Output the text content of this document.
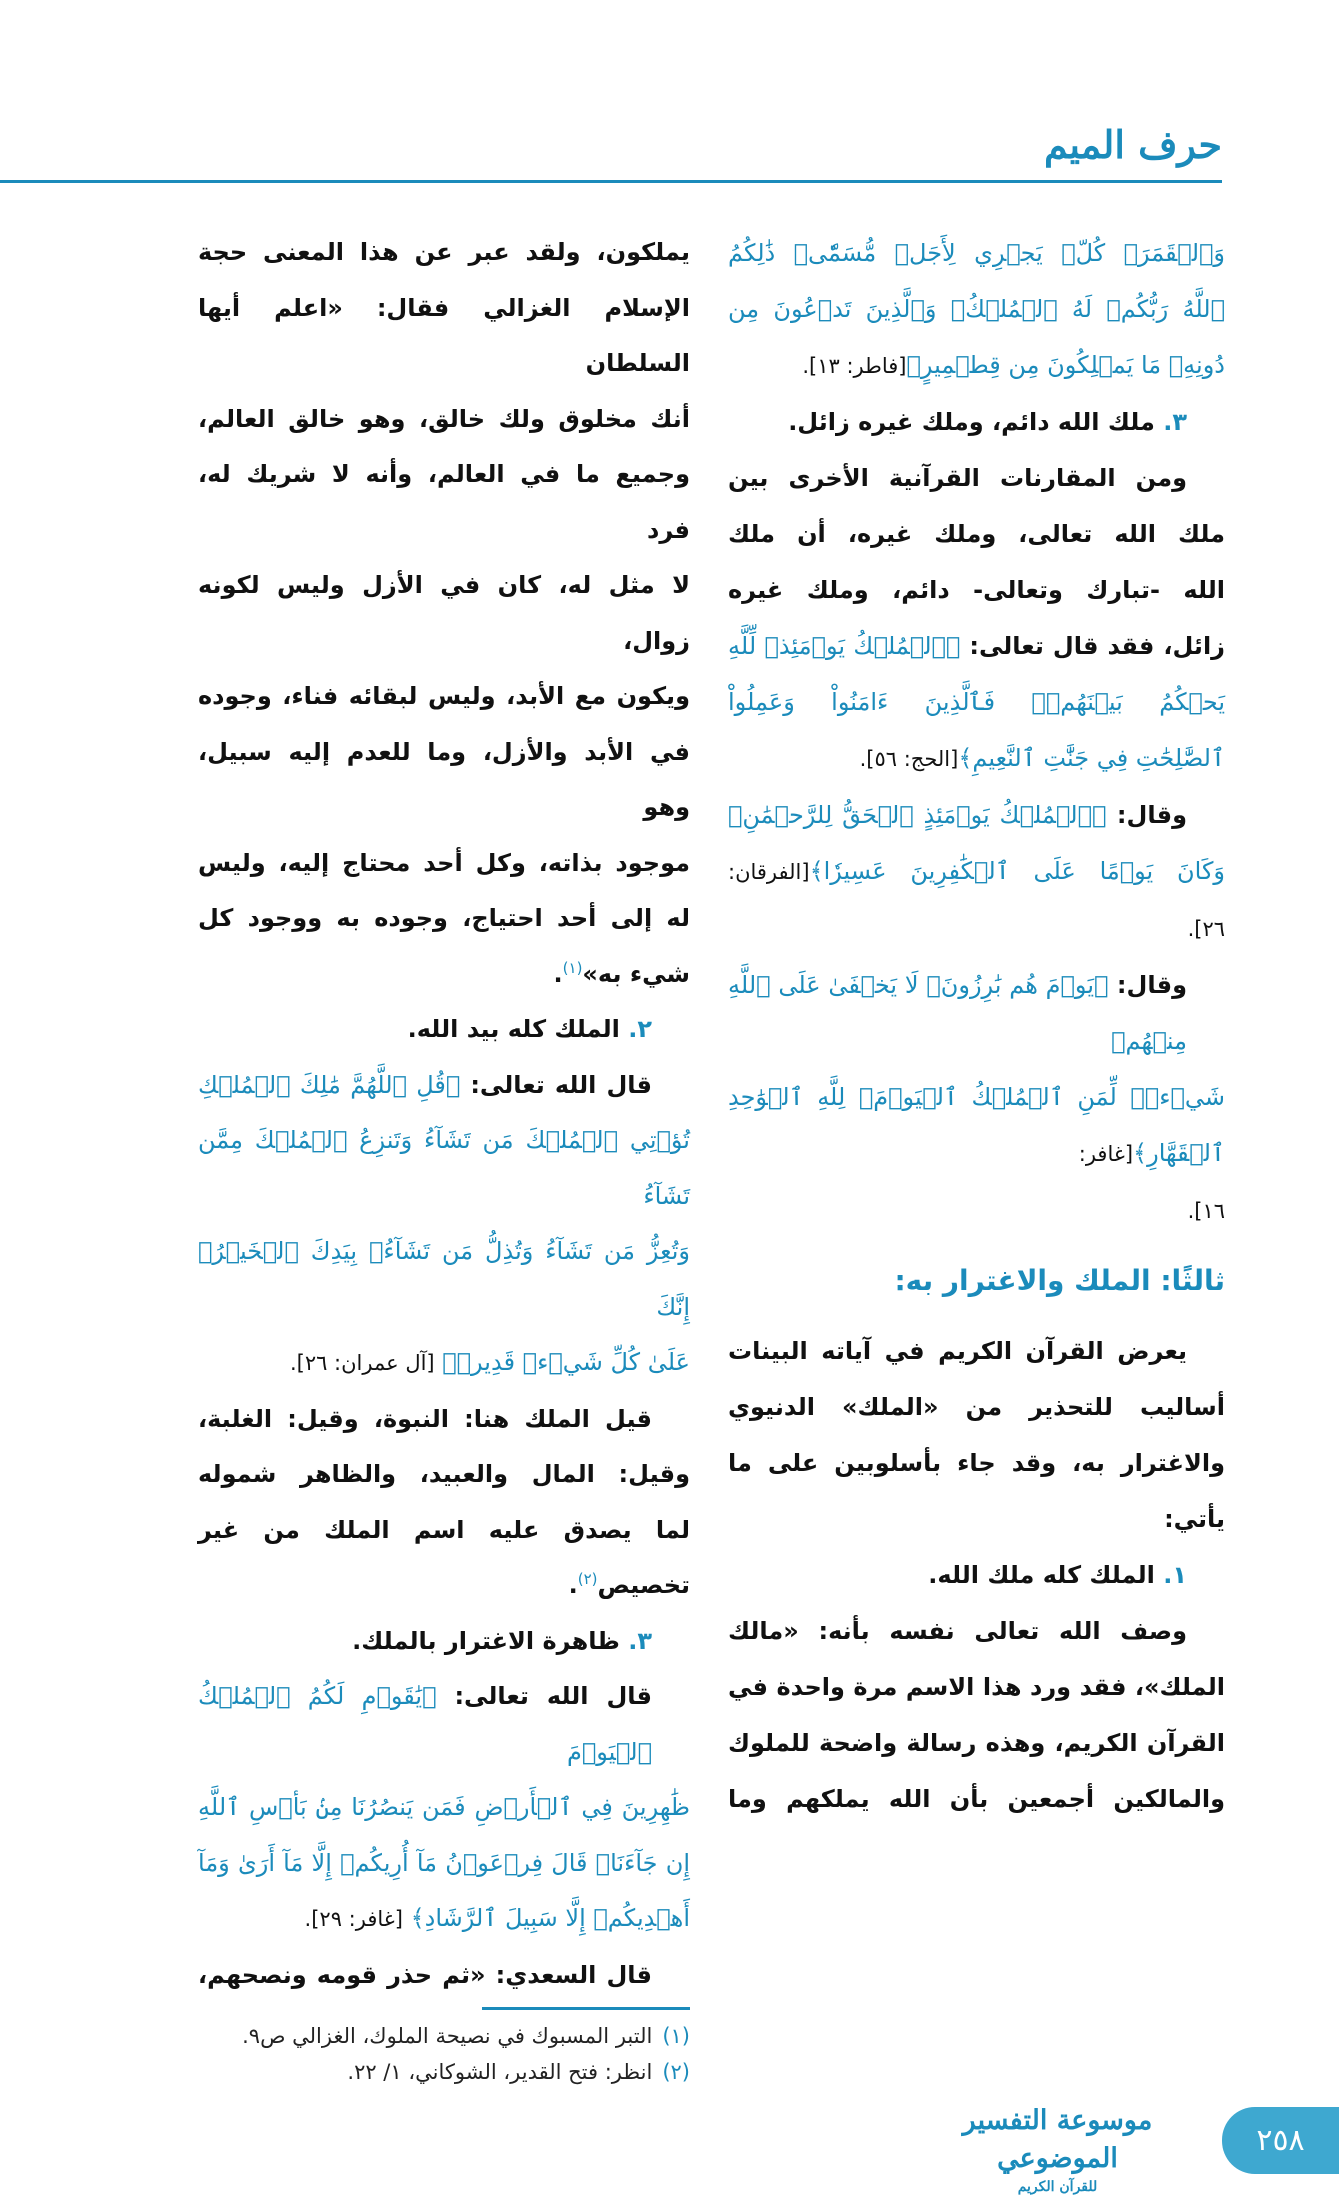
حرف الميم
وَٱلۡقَمَرَۖ كُلّٞ يَجۡرِي لِأَجَلٖ مُّسَمّٗىۚ ذَٰلِكُمُ
ٱللَّهُ رَبُّكُمۡ لَهُ ٱلۡمُلۡكُۚ وَٱلَّذِينَ تَدۡعُونَ مِن
دُونِهِۦ مَا يَمۡلِكُونَ مِن قِطۡمِيرٍ﴾[فاطر: ١٣].
٣. ملك الله دائم، وملك غيره زائل.
ومن المقارنات القرآنية الأخرى بين
ملك الله تعالى، وملك غيره، أن ملك
الله -تبارك وتعالى- دائم، وملك غيره
زائل، فقد قال تعالى: ﴿ٱلۡمُلۡكُ يَوۡمَئِذٖ لِّلَّهِ
يَحۡكُمُ بَيۡنَهُمۡۚ فَٱلَّذِينَ ءَامَنُواْ وَعَمِلُواْ
ٱلصَّٰلِحَٰتِ فِي جَنَّٰتِ ٱلنَّعِيمِ﴾[الحج: ٥٦].
وقال: ﴿ٱلۡمُلۡكُ يَوۡمَئِذٍ ٱلۡحَقُّ لِلرَّحۡمَٰنِۚ
وَكَانَ يَوۡمًا عَلَى ٱلۡكَٰفِرِينَ عَسِيرٗا﴾[الفرقان:
٢٦].
وقال: ﴿يَوۡمَ هُم بَٰرِزُونَۖ لَا يَخۡفَىٰ عَلَى ٱللَّهِ مِنۡهُمۡ
شَيۡءٞۚ لِّمَنِ ٱلۡمُلۡكُ ٱلۡيَوۡمَۖ لِلَّهِ ٱلۡوَٰحِدِ ٱلۡقَهَّارِ﴾[غافر:
١٦].
ثالثًا: الملك والاغترار به:
يعرض القرآن الكريم في آياته البينات
أساليب للتحذير من «الملك» الدنيوي
والاغترار به، وقد جاء بأسلوبين على ما
يأتي:
١. الملك كله ملك الله.
وصف الله تعالى نفسه بأنه: «مالك
الملك»، فقد ورد هذا الاسم مرة واحدة في
القرآن الكريم، وهذه رسالة واضحة للملوك
والمالكين أجمعين بأن الله يملكهم وما
يملكون، ولقد عبر عن هذا المعنى حجة
الإسلام الغزالي فقال: «اعلم أيها السلطان
أنك مخلوق ولك خالق، وهو خالق العالم،
وجميع ما في العالم، وأنه لا شريك له، فرد
لا مثل له، كان في الأزل وليس لكونه زوال،
ويكون مع الأبد، وليس لبقائه فناء، وجوده
في الأبد والأزل، وما للعدم إليه سبيل، وهو
موجود بذاته، وكل أحد محتاج إليه، وليس
له إلى أحد احتياج، وجوده به ووجود كل
شيء به»$^{(١)}$.
٢. الملك كله بيد الله.
قال الله تعالى: ﴿قُلِ ٱللَّهُمَّ مَٰلِكَ ٱلۡمُلۡكِ
تُؤۡتِي ٱلۡمُلۡكَ مَن تَشَآءُ وَتَنزِعُ ٱلۡمُلۡكَ مِمَّن تَشَآءُ
وَتُعِزُّ مَن تَشَآءُ وَتُذِلُّ مَن تَشَآءُۖ بِيَدِكَ ٱلۡخَيۡرُۖ إِنَّكَ
عَلَىٰ كُلِّ شَيۡءٖ قَدِيرٞ﴾ [آل عمران: ٢٦].
قيل الملك هنا: النبوة، وقيل: الغلبة،
وقيل: المال والعبيد، والظاهر شموله
لما يصدق عليه اسم الملك من غير
تخصيص$^{(٢)}$.
٣. ظاهرة الاغترار بالملك.
قال الله تعالى: ﴿يَٰقَوۡمِ لَكُمُ ٱلۡمُلۡكُ ٱلۡيَوۡمَ
ظَٰهِرِينَ فِي ٱلۡأَرۡضِ فَمَن يَنصُرُنَا مِنۢ بَأۡسِ ٱللَّهِ
إِن جَآءَنَاۚ قَالَ فِرۡعَوۡنُ مَآ أُرِيكُمۡ إِلَّا مَآ أَرَىٰ وَمَآ
أَهۡدِيكُمۡ إِلَّا سَبِيلَ ٱلرَّشَادِ﴾ [غافر: ٢٩].
قال السعدي: «ثم حذر قومه ونصحهم،
(١)التبر المسبوك في نصيحة الملوك، الغزالي ص٩.
(٢)انظر: فتح القدير، الشوكاني، ١/ ٢٢.
موسوعة التفسير الموضوعي
للقرآن الكريم
٢٥٨
